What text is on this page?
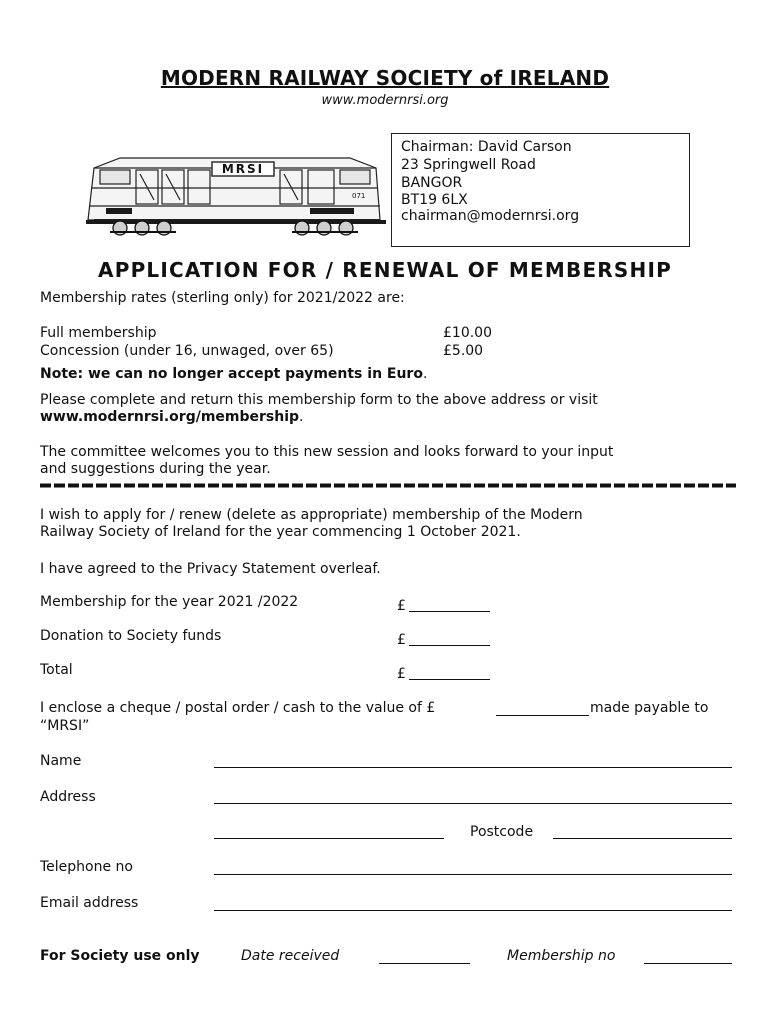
MODERN RAILWAY SOCIETY of IRELAND
www.modernrsi.org
MRSI
071
Chairman: David Carson
23 Springwell Road
BANGOR
BT19 6LX
chairman@modernrsi.org
APPLICATION FOR / RENEWAL OF MEMBERSHIP
Membership rates (sterling only) for 2021/2022 are:
Full membership	£10.00
Concession (under 16, unwaged, over 65)	£5.00
Note: we can no longer accept payments in Euro.
Please complete and return this membership form to the above address or visit
www.modernrsi.org/membership.
The committee welcomes you to this new session and looks forward to your input
and suggestions during the year.
I wish to apply for / renew (delete as appropriate) membership of the Modern
Railway Society of Ireland for the year commencing 1 October 2021.
I have agreed to the Privacy Statement overleaf.
Membership for the year 2021 /2022	£
Donation to Society funds	£
Total	£
I enclose a cheque / postal order / cash to the value of £	made payable to
“MRSI”
Name
Address
Postcode
Telephone no
Email address
For Society use only	Date received	Membership no
